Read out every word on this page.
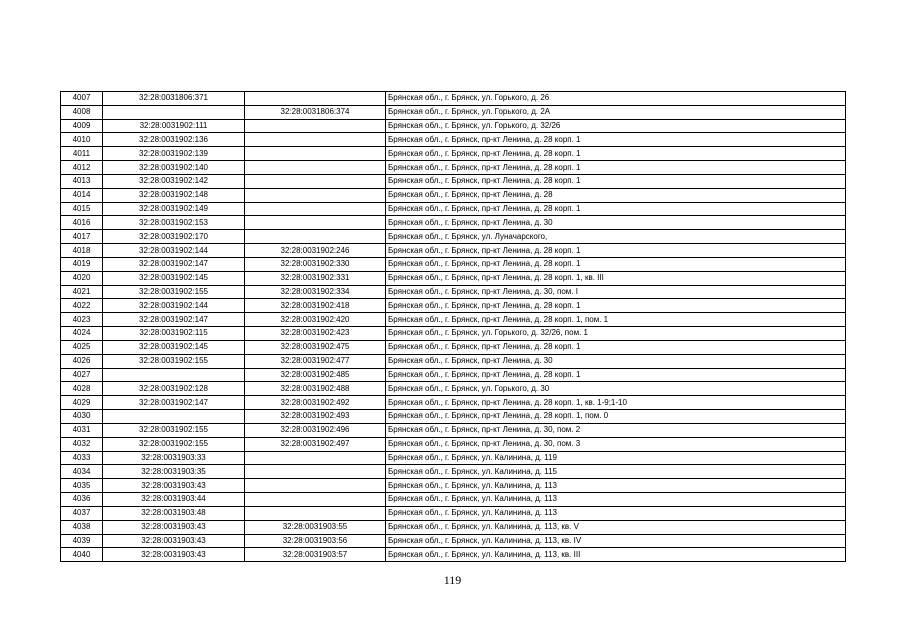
4007	32:28:0031806:371		Брянская обл., г. Брянск, ул. Горького, д. 26
4008		32:28:0031806:374	Брянская обл., г. Брянск, ул. Горького, д. 2А
4009	32:28:0031902:111		Брянская обл., г. Брянск, ул. Горького, д. 32/26
4010	32:28:0031902:136		Брянская обл., г. Брянск, пр-кт Ленина, д. 28 корп. 1
4011	32:28:0031902:139		Брянская обл., г. Брянск, пр-кт Ленина, д. 28 корп. 1
4012	32:28:0031902:140		Брянская обл., г. Брянск, пр-кт Ленина, д. 28 корп. 1
4013	32:28:0031902:142		Брянская обл., г. Брянск, пр-кт Ленина, д. 28 корп. 1
4014	32:28:0031902:148		Брянская обл., г. Брянск, пр-кт Ленина, д. 28
4015	32:28:0031902:149		Брянская обл., г. Брянск, пр-кт Ленина, д. 28 корп. 1
4016	32:28:0031902:153		Брянская обл., г. Брянск, пр-кт Ленина, д. 30
4017	32:28:0031902:170		Брянская обл., г. Брянск, ул. Луначарского,
4018	32:28:0031902:144	32:28:0031902:246	Брянская обл., г. Брянск, пр-кт Ленина, д. 28 корп. 1
4019	32:28:0031902:147	32:28:0031902:330	Брянская обл., г. Брянск, пр-кт Ленина, д. 28 корп. 1
4020	32:28:0031902:145	32:28:0031902:331	Брянская обл., г. Брянск, пр-кт Ленина, д. 28 корп. 1, кв. III
4021	32:28:0031902:155	32:28:0031902:334	Брянская обл., г. Брянск, пр-кт Ленина, д. 30, пом. I
4022	32:28:0031902:144	32:28:0031902:418	Брянская обл., г. Брянск, пр-кт Ленина, д. 28 корп. 1
4023	32:28:0031902:147	32:28:0031902:420	Брянская обл., г. Брянск, пр-кт Ленина, д. 28 корп. 1, пом. 1
4024	32:28:0031902:115	32:28:0031902:423	Брянская обл., г. Брянск, ул. Горького, д. 32/26, пом. 1
4025	32:28:0031902:145	32:28:0031902:475	Брянская обл., г. Брянск, пр-кт Ленина, д. 28 корп. 1
4026	32:28:0031902:155	32:28:0031902:477	Брянская обл., г. Брянск, пр-кт Ленина, д. 30
4027		32:28:0031902:485	Брянская обл., г. Брянск, пр-кт Ленина, д. 28 корп. 1
4028	32:28:0031902:128	32:28:0031902:488	Брянская обл., г. Брянск, ул. Горького, д. 30
4029	32:28:0031902:147	32:28:0031902:492	Брянская обл., г. Брянск, пр-кт Ленина, д. 28 корп. 1, кв. 1-9;1-10
4030		32:28:0031902:493	Брянская обл., г. Брянск, пр-кт Ленина, д. 28 корп. 1, пом. 0
4031	32:28:0031902:155	32:28:0031902:496	Брянская обл., г. Брянск, пр-кт Ленина, д. 30, пом. 2
4032	32:28:0031902:155	32:28:0031902:497	Брянская обл., г. Брянск, пр-кт Ленина, д. 30, пом. 3
4033	32:28:0031903:33		Брянская обл., г. Брянск, ул. Калинина, д. 119
4034	32:28:0031903:35		Брянская обл., г. Брянск, ул. Калинина, д. 115
4035	32:28:0031903:43		Брянская обл., г. Брянск, ул. Калинина, д. 113
4036	32:28:0031903:44		Брянская обл., г. Брянск, ул. Калинина, д. 113
4037	32:28:0031903:48		Брянская обл., г. Брянск, ул. Калинина, д. 113
4038	32:28:0031903:43	32:28:0031903:55	Брянская обл., г. Брянск, ул. Калинина, д. 113, кв. V
4039	32:28:0031903:43	32:28:0031903:56	Брянская обл., г. Брянск, ул. Калинина, д. 113, кв. IV
4040	32:28:0031903:43	32:28:0031903:57	Брянская обл., г. Брянск, ул. Калинина, д. 113, кв. III
119
